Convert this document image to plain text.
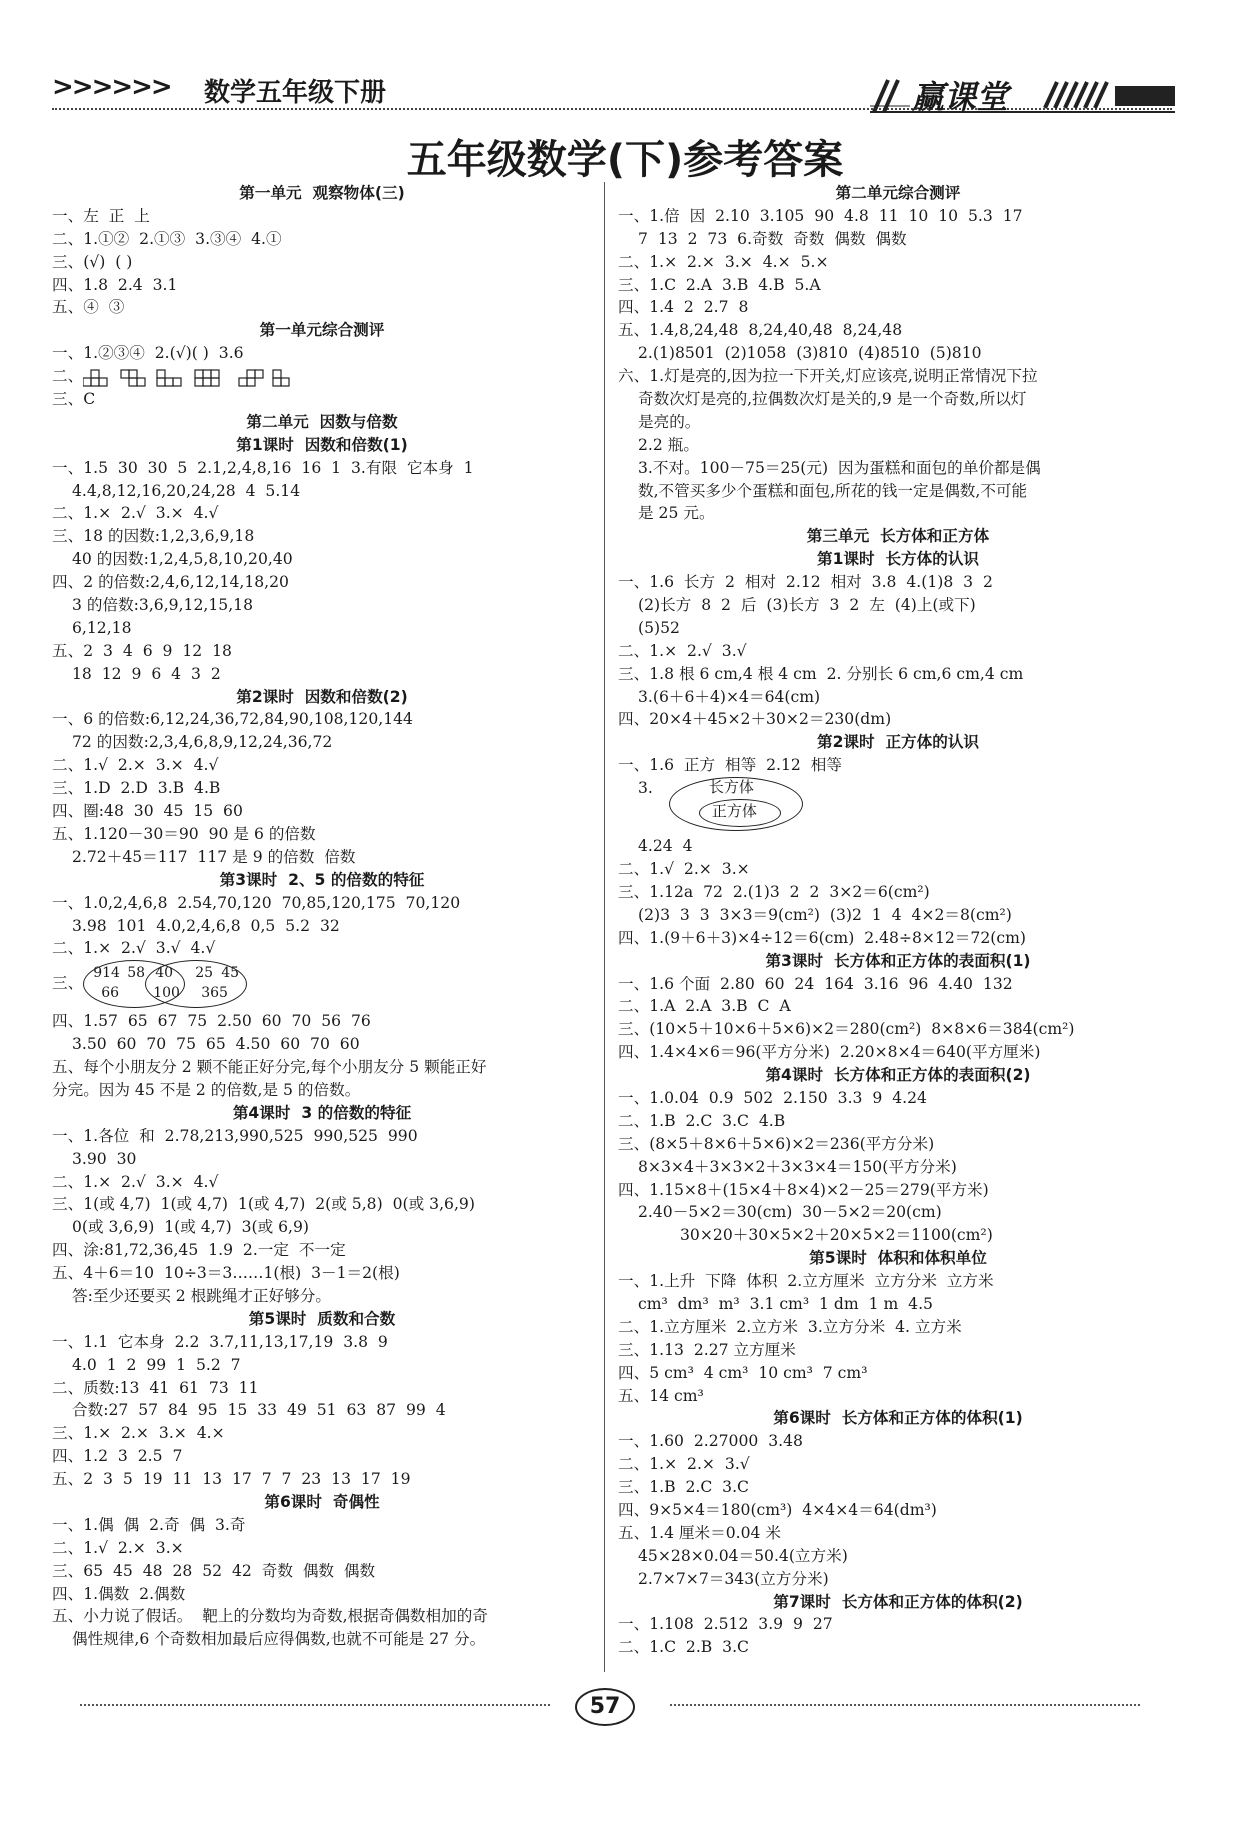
>>>>>> 数学五年级下册	赢课堂
五年级数学(下)参考答案
第一单元  观察物体(三)
一、左  正  上
二、1.①②  2.①③  3.③④  4.①
三、(√)  ( )
四、1.8  2.4  3.1
五、④  ③
第一单元综合测评
一、1.②③④  2.(√)( )  3.6
二、
三、C
第二单元  因数与倍数
第1课时  因数和倍数(1)
一、1.5  30  30  5  2.1,2,4,8,16  16  1  3.有限  它本身  1
4.4,8,12,16,20,24,28  4  5.14
二、1.×  2.√  3.×  4.√
三、18 的因数:1,2,3,6,9,18
40 的因数:1,2,4,5,8,10,20,40
四、2 的倍数:2,4,6,12,14,18,20
3 的倍数:3,6,9,12,15,18
6,12,18
五、2  3  4  6  9  12  18
18  12  9  6  4  3  2
第2课时  因数和倍数(2)
一、6 的倍数:6,12,24,36,72,84,90,108,120,144
72 的因数:2,3,4,6,8,9,12,24,36,72
二、1.√  2.×  3.×  4.√
三、1.D  2.D  3.B  4.B
四、圈:48  30  45  15  60
五、1.120－30＝90  90 是 6 的倍数
2.72＋45＝117  117 是 9 的倍数  倍数
第3课时  2、5 的倍数的特征
一、1.0,2,4,6,8  2.54,70,120  70,85,120,175  70,120
3.98  101  4.0,2,4,6,8  0,5  5.2  32
二、1.×  2.√  3.√  4.√
三、
914 58
66
40
100
25 45
365
四、1.57  65  67  75  2.50  60  70  56  76
3.50  60  70  75  65  4.50  60  70  60
五、每个小朋友分 2 颗不能正好分完,每个小朋友分 5 颗能正好
分完。因为 45 不是 2 的倍数,是 5 的倍数。
第4课时  3 的倍数的特征
一、1.各位  和  2.78,213,990,525  990,525  990
3.90  30
二、1.×  2.√  3.×  4.√
三、1(或 4,7)  1(或 4,7)  1(或 4,7)  2(或 5,8)  0(或 3,6,9)
0(或 3,6,9)  1(或 4,7)  3(或 6,9)
四、涂:81,72,36,45  1.9  2.一定  不一定
五、4＋6＝10  10÷3＝3……1(根)  3－1＝2(根)
答:至少还要买 2 根跳绳才正好够分。
第5课时  质数和合数
一、1.1  它本身  2.2  3.7,11,13,17,19  3.8  9
4.0  1  2  99  1  5.2  7
二、质数:13  41  61  73  11
合数:27  57  84  95  15  33  49  51  63  87  99  4
三、1.×  2.×  3.×  4.×
四、1.2  3  2.5  7
五、2  3  5  19  11  13  17  7  7  23  13  17  19
第6课时  奇偶性
一、1.偶  偶  2.奇  偶  3.奇
二、1.√  2.×  3.×
三、65  45  48  28  52  42  奇数  偶数  偶数
四、1.偶数  2.偶数
五、小力说了假话。  靶上的分数均为奇数,根据奇偶数相加的奇
偶性规律,6 个奇数相加最后应得偶数,也就不可能是 27 分。
第二单元综合测评
一、1.倍  因  2.10  3.105  90  4.8  11  10  10  5.3  17
7  13  2  73  6.奇数  奇数  偶数  偶数
二、1.×  2.×  3.×  4.×  5.×
三、1.C  2.A  3.B  4.B  5.A
四、1.4  2  2.7  8
五、1.4,8,24,48  8,24,40,48  8,24,48
2.(1)8501  (2)1058  (3)810  (4)8510  (5)810
六、1.灯是亮的,因为拉一下开关,灯应该亮,说明正常情况下拉
奇数次灯是亮的,拉偶数次灯是关的,9 是一个奇数,所以灯
是亮的。
2.2 瓶。
3.不对。100－75＝25(元)  因为蛋糕和面包的单价都是偶
数,不管买多少个蛋糕和面包,所花的钱一定是偶数,不可能
是 25 元。
第三单元  长方体和正方体
第1课时  长方体的认识
一、1.6  长方  2  相对  2.12  相对  3.8  4.(1)8  3  2
(2)长方  8  2  后  (3)长方  3  2  左  (4)上(或下)
(5)52
二、1.×  2.√  3.√
三、1.8 根 6 cm,4 根 4 cm  2. 分别长 6 cm,6 cm,4 cm
3.(6＋6＋4)×4＝64(cm)
四、20×4＋45×2＋30×2＝230(dm)
第2课时  正方体的认识
一、1.6  正方  相等  2.12  相等
3.	长方体
正方体
4.24  4
二、1.√  2.×  3.×
三、1.12a  72  2.(1)3  2  2  3×2＝6(cm²)
(2)3  3  3  3×3＝9(cm²)  (3)2  1  4  4×2＝8(cm²)
四、1.(9＋6＋3)×4÷12＝6(cm)  2.48÷8×12＝72(cm)
第3课时  长方体和正方体的表面积(1)
一、1.6 个面  2.80  60  24  164  3.16  96  4.40  132
二、1.A  2.A  3.B  C  A
三、(10×5＋10×6＋5×6)×2＝280(cm²)  8×8×6＝384(cm²)
四、1.4×4×6＝96(平方分米)  2.20×8×4＝640(平方厘米)
第4课时  长方体和正方体的表面积(2)
一、1.0.04  0.9  502  2.150  3.3  9  4.24
二、1.B  2.C  3.C  4.B
三、(8×5＋8×6＋5×6)×2＝236(平方分米)
8×3×4＋3×3×2＋3×3×4＝150(平方分米)
四、1.15×8＋(15×4＋8×4)×2－25＝279(平方米)
2.40－5×2＝30(cm)  30－5×2＝20(cm)
30×20＋30×5×2＋20×5×2＝1100(cm²)
第5课时  体积和体积单位
一、1.上升  下降  体积  2.立方厘米  立方分米  立方米
cm³  dm³  m³  3.1 cm³  1 dm  1 m  4.5
二、1.立方厘米  2.立方米  3.立方分米  4. 立方米
三、1.13  2.27 立方厘米
四、5 cm³  4 cm³  10 cm³  7 cm³
五、14 cm³
第6课时  长方体和正方体的体积(1)
一、1.60  2.27000  3.48
二、1.×  2.×  3.√
三、1.B  2.C  3.C
四、9×5×4＝180(cm³)  4×4×4＝64(dm³)
五、1.4 厘米＝0.04 米
45×28×0.04＝50.4(立方米)
2.7×7×7＝343(立方分米)
第7课时  长方体和正方体的体积(2)
一、1.108  2.512  3.9  9  27
二、1.C  2.B  3.C
57
